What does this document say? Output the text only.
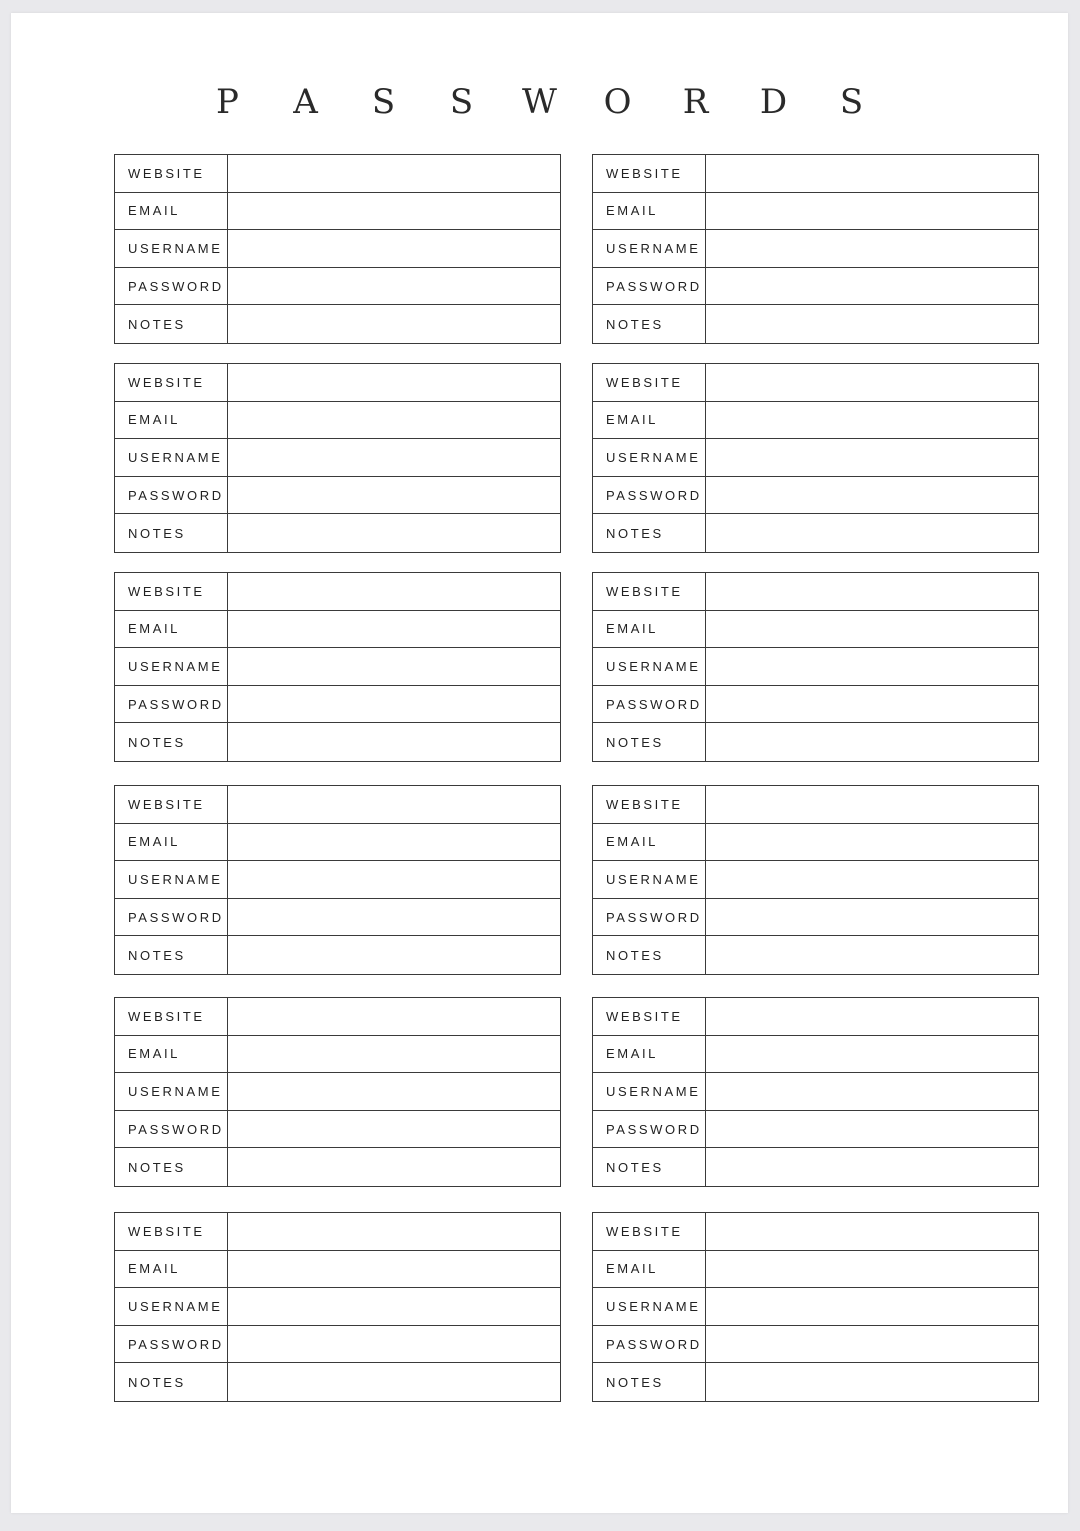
P A S S W O R D S
WEBSITE
EMAIL
USERNAME
PASSWORD
NOTES
WEBSITE
EMAIL
USERNAME
PASSWORD
NOTES
WEBSITE
EMAIL
USERNAME
PASSWORD
NOTES
WEBSITE
EMAIL
USERNAME
PASSWORD
NOTES
WEBSITE
EMAIL
USERNAME
PASSWORD
NOTES
WEBSITE
EMAIL
USERNAME
PASSWORD
NOTES
WEBSITE
EMAIL
USERNAME
PASSWORD
NOTES
WEBSITE
EMAIL
USERNAME
PASSWORD
NOTES
WEBSITE
EMAIL
USERNAME
PASSWORD
NOTES
WEBSITE
EMAIL
USERNAME
PASSWORD
NOTES
WEBSITE
EMAIL
USERNAME
PASSWORD
NOTES
WEBSITE
EMAIL
USERNAME
PASSWORD
NOTES
